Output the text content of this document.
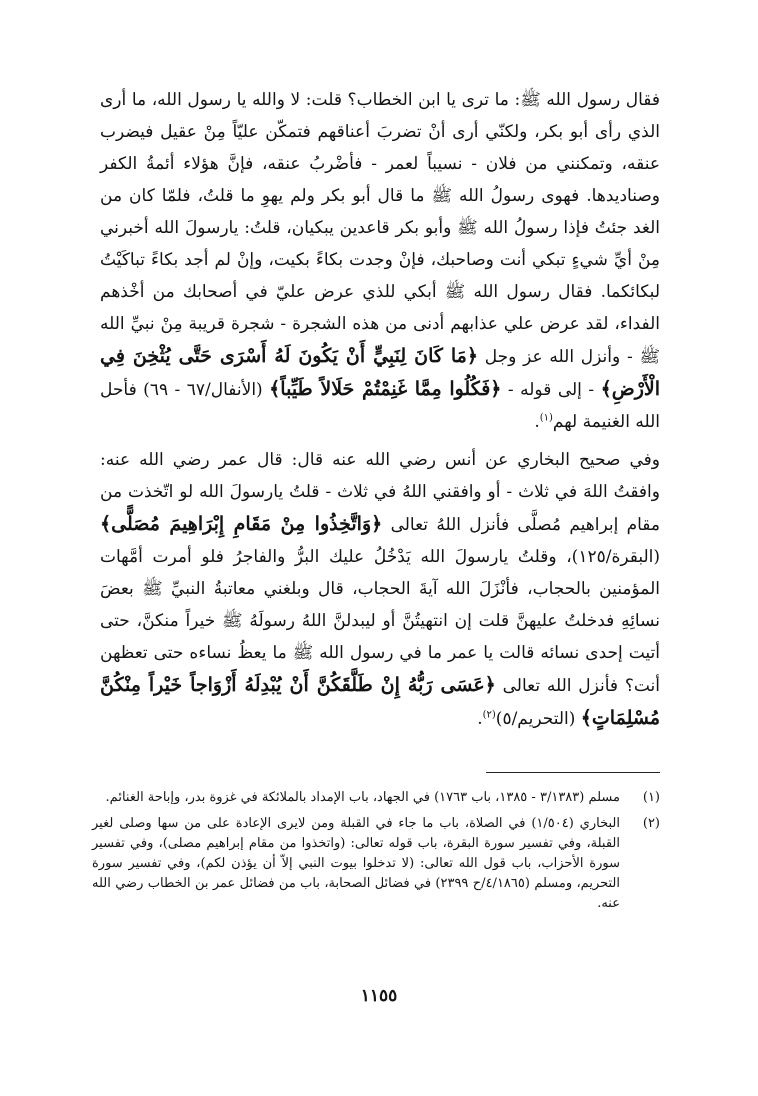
فقال رسول الله ﷺ: ما ترى يا ابن الخطاب؟ قلت: لا والله يا رسول الله، ما أرى الذي رأى أبو بكر، ولكنّي أرى أنْ تضربَ أعناقهم فتمكّن عليّاً مِنْ عقيل فيضرب عنقه، وتمكنني من فلان - نسيباً لعمر - فأضْربُ عنقه، فإنَّ هؤلاء أئمةُ الكفر وصناديدها. فهوى رسولُ الله ﷺ ما قال أبو بكر ولم يهوِ ما قلتُ، فلمّا كان من الغد جئتُ فإذا رسولُ الله ﷺ وأبو بكر قاعدين يبكيان، قلتُ: يارسولَ الله أخبرني مِنْ أيِّ شيءٍ تبكي أنت وصاحبك، فإنْ وجدت بكاءً بكيت، وإنْ لم أجد بكاءً تباكَيْتُ لبكائكما. فقال رسول الله ﷺ أبكي للذي عرض عليّ في أصحابك من أخْذهم الفداء، لقد عرض علي عذابهم أدنى من هذه الشجرة - شجرة قريبة مِنْ نبيِّ الله ﷺ - وأنزل الله عز وجل ﴿مَا كَانَ لِنَبِيٍّ أَنْ يَكُونَ لَهُ أَسْرَى حَتَّى يُثْخِنَ فِي الْأَرْضِ﴾ - إلى قوله - ﴿فَكُلُوا مِمَّا غَنِمْتُمْ حَلَالاً طَيِّباً﴾ (الأنفال/٦٧ - ٦٩) فأحل الله الغنيمة لهم$^{(١)}$.

وفي صحيح البخاري عن أنس رضي الله عنه قال: قال عمر رضي الله عنه: وافقتُ اللهَ في ثلاث - أو وافقني اللهُ في ثلاث - قلتُ يارسولَ الله لو اتّخذت من مقام إبراهيم مُصلَّى فأنزل اللهُ تعالى ﴿وَاتَّخِذُوا مِنْ مَقَامِ إِبْرَاهِيمَ مُصَلًّى﴾ (البقرة/١٢٥)، وقلتُ يارسولَ الله يَدْخُلُ عليك البرُّ والفاجرُ فلو أمرت أمَّهات المؤمنين بالحجاب، فأنْزَلَ الله آيةَ الحجاب، قال وبلغني معاتبةُ النبيِّ ﷺ بعضَ نسائِهِ فدخلتُ عليهنَّ قلت إن انتهيتُنَّ أو ليبدلنَّ اللهُ رسولَهُ ﷺ خيراً منكنَّ، حتى أتيت إحدى نسائه قالت يا عمر ما في رسول الله ﷺ ما يعظُ نساءه حتى تعظهن أنت؟ فأنزل الله تعالى ﴿عَسَى رَبُّهُ إِنْ طَلَّقَكُنَّ أَنْ يُبْدِلَهُ أَزْوَاجاً خَيْراً مِنْكُنَّ مُسْلِمَاتٍ﴾ (التحريم/٥)$^{(٢)}$.

(١)
مسلم (٣/١٣٨٣ - ١٣٨٥، باب ١٧٦٣) في الجهاد، باب الإمداد بالملائكة في غزوة بدر، وإباحة الغنائم.
(٢)
البخاري (١/٥٠٤) في الصلاة، باب ما جاء في القبلة ومن لايرى الإعادة على من سها وصلى لغير القبلة، وفي تفسير سورة البقرة، باب قوله تعالى: (واتخذوا من مقام إبراهيم مصلى)، وفي تفسير سورة الأحزاب، باب قول الله تعالى: (لا تدخلوا بيوت النبي إلاّ أن يؤذن لكم)، وفي تفسير سورة التحريم، ومسلم (٤/١٨٦٥/ح ٢٣٩٩) في فضائل الصحابة، باب من فضائل عمر بن الخطاب رضي الله عنه.
١١٥٥
